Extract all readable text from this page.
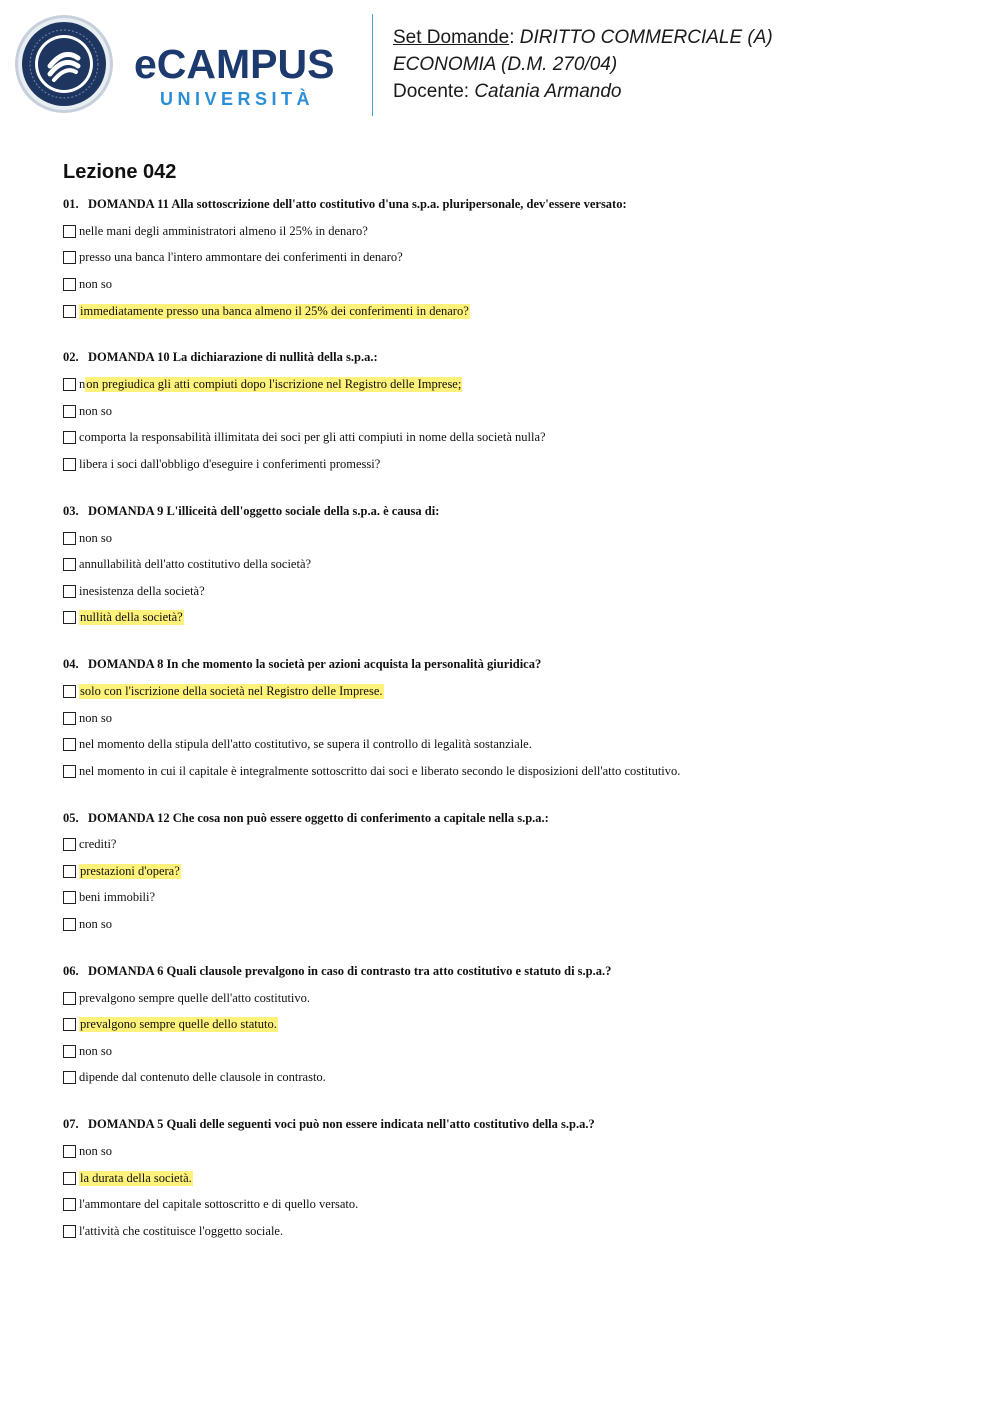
eCAMPUS
UNIVERSITÀ
Set Domande: DIRITTO COMMERCIALE (A)
ECONOMIA (D.M. 270/04)
Docente: Catania Armando
Lezione 042
01. DOMANDA 11 Alla sottoscrizione dell'atto costitutivo d'una s.p.a. pluripersonale, dev'essere versato:
nelle mani degli amministratori almeno il 25% in denaro?
presso una banca l'intero ammontare dei conferimenti in denaro?
non so
immediatamente presso una banca almeno il 25% dei conferimenti in denaro?
02. DOMANDA 10 La dichiarazione di nullità della s.p.a.:
n on pregiudica gli atti compiuti dopo l'iscrizione nel Registro delle Imprese;
non so
comporta la responsabilità illimitata dei soci per gli atti compiuti in nome della società nulla?
libera i soci dall'obbligo d'eseguire i conferimenti promessi?
03. DOMANDA 9 L'illiceità dell'oggetto sociale della s.p.a. è causa di:
non so
annullabilità dell'atto costitutivo della società?
inesistenza della società?
nullità della società?
04. DOMANDA 8 In che momento la società per azioni acquista la personalità giuridica?
solo con l'iscrizione della società nel Registro delle Imprese.
non so
nel momento della stipula dell'atto costitutivo, se supera il controllo di legalità sostanziale.
nel momento in cui il capitale è integralmente sottoscritto dai soci e liberato secondo le disposizioni dell'atto costitutivo.
05. DOMANDA 12 Che cosa non può essere oggetto di conferimento a capitale nella s.p.a.:
crediti?
prestazioni d'opera?
beni immobili?
non so
06. DOMANDA 6 Quali clausole prevalgono in caso di contrasto tra atto costitutivo e statuto di s.p.a.?
prevalgono sempre quelle dell'atto costitutivo.
prevalgono sempre quelle dello statuto.
non so
dipende dal contenuto delle clausole in contrasto.
07. DOMANDA 5 Quali delle seguenti voci può non essere indicata nell'atto costitutivo della s.p.a.?
non so
la durata della società.
l'ammontare del capitale sottoscritto e di quello versato.
l'attività che costituisce l'oggetto sociale.
